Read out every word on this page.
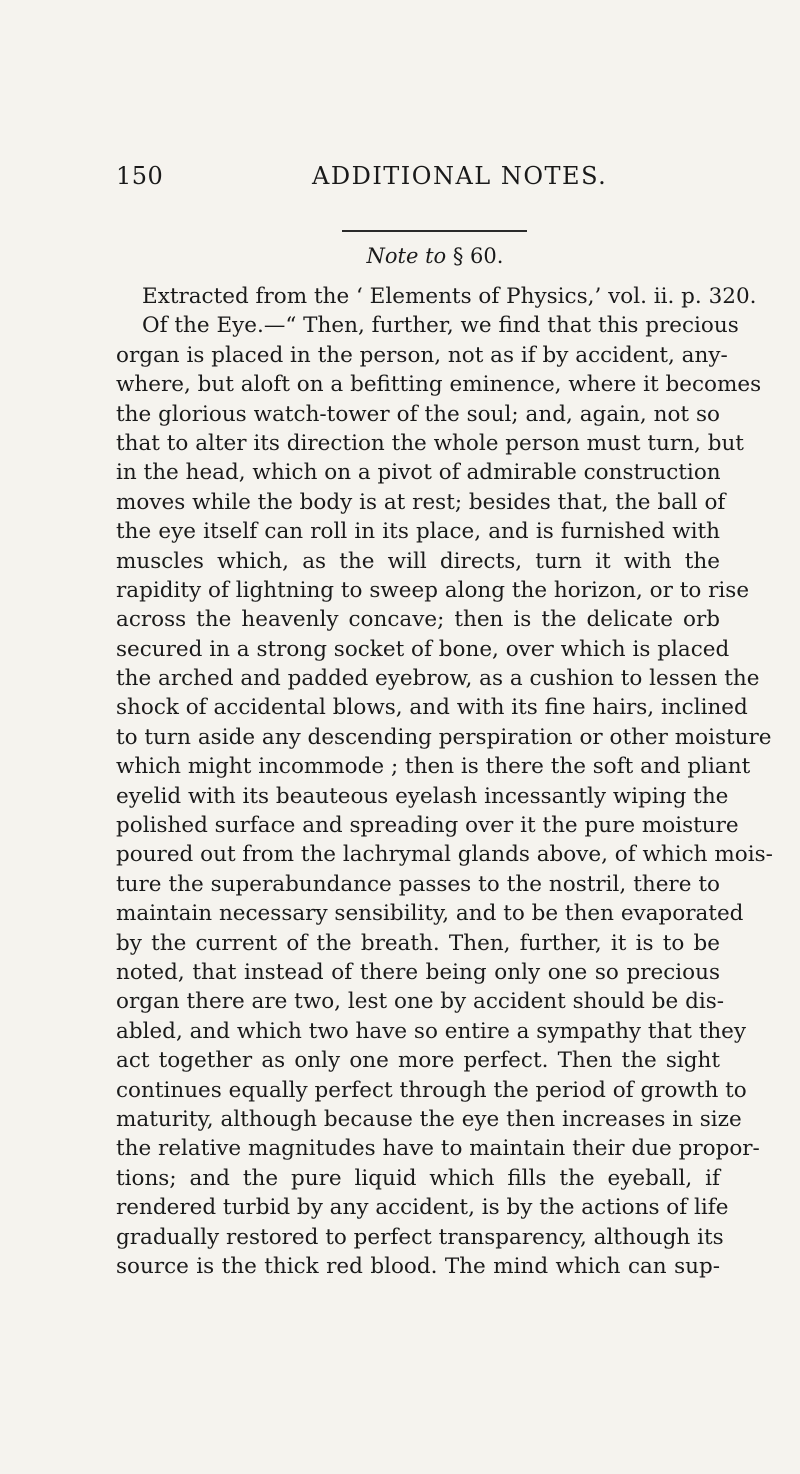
150	ADDITIONAL NOTES.
Note to § 60.
Extracted from the ‘ Elements of Physics,’ vol. ii. p. 320.
Of the Eye.—“ Then, further, we find that this precious
organ is placed in the person, not as if by accident, any-
where, but aloft on a befitting eminence, where it becomes
the glorious watch-tower of the soul; and, again, not so
that to alter its direction the whole person must turn, but
in the head, which on a pivot of admirable construction
moves while the body is at rest; besides that, the ball of
the eye itself can roll in its place, and is furnished with
muscles which, as the will directs, turn it with the
rapidity of lightning to sweep along the horizon, or to rise
across the heavenly concave; then is the delicate orb
secured in a strong socket of bone, over which is placed
the arched and padded eyebrow, as a cushion to lessen the
shock of accidental blows, and with its fine hairs, inclined
to turn aside any descending perspiration or other moisture
which might incommode ; then is there the soft and pliant
eyelid with its beauteous eyelash incessantly wiping the
polished surface and spreading over it the pure moisture
poured out from the lachrymal glands above, of which mois-
ture the superabundance passes to the nostril, there to
maintain necessary sensibility, and to be then evaporated
by the current of the breath. Then, further, it is to be
noted, that instead of there being only one so precious
organ there are two, lest one by accident should be dis-
abled, and which two have so entire a sympathy that they
act together as only one more perfect. Then the sight
continues equally perfect through the period of growth to
maturity, although because the eye then increases in size
the relative magnitudes have to maintain their due propor-
tions; and the pure liquid which fills the eyeball, if
rendered turbid by any accident, is by the actions of life
gradually restored to perfect transparency, although its
source is the thick red blood. The mind which can sup-
